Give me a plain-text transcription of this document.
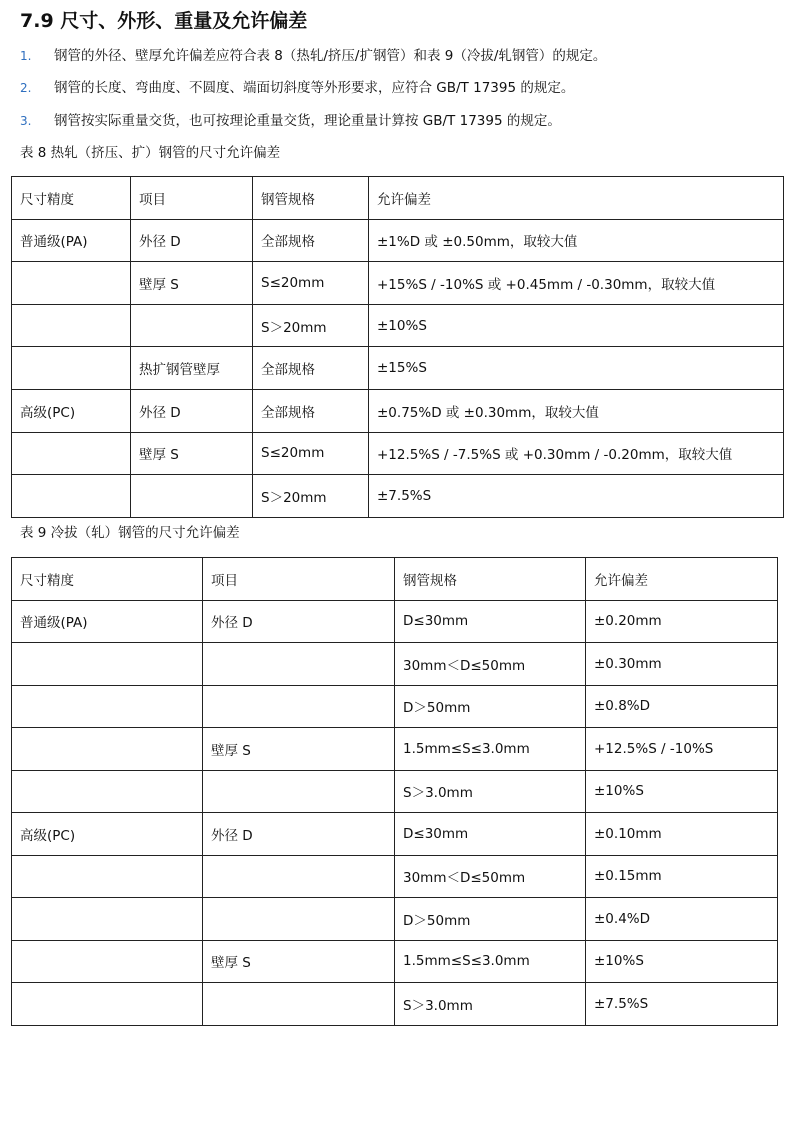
7.9 尺寸、外形、重量及允许偏差
1. 钢管的外径、壁厚允许偏差应符合表 8（热轧/挤压/扩钢管）和表 9（冷拔/轧钢管）的规定。
2. 钢管的长度、弯曲度、不圆度、端面切斜度等外形要求，应符合 GB/T 17395 的规定。
3. 钢管按实际重量交货，也可按理论重量交货，理论重量计算按 GB/T 17395 的规定。
表 8 热轧（挤压、扩）钢管的尺寸允许偏差
尺寸精度	项目	钢管规格	允许偏差
普通级(PA)	外径 D	全部规格	±1%D 或 ±0.50mm，取较大值
	壁厚 S	S≤20mm	+15%S / -10%S 或 +0.45mm / -0.30mm，取较大值
		S＞20mm	±10%S
	热扩钢管壁厚	全部规格	±15%S
高级(PC)	外径 D	全部规格	±0.75%D 或 ±0.30mm，取较大值
	壁厚 S	S≤20mm	+12.5%S / -7.5%S 或 +0.30mm / -0.20mm，取较大值
		S＞20mm	±7.5%S
表 9 冷拔（轧）钢管的尺寸允许偏差
尺寸精度	项目	钢管规格	允许偏差
普通级(PA)	外径 D	D≤30mm	±0.20mm
		30mm＜D≤50mm	±0.30mm
		D＞50mm	±0.8%D
	壁厚 S	1.5mm≤S≤3.0mm	+12.5%S / -10%S
		S＞3.0mm	±10%S
高级(PC)	外径 D	D≤30mm	±0.10mm
		30mm＜D≤50mm	±0.15mm
		D＞50mm	±0.4%D
	壁厚 S	1.5mm≤S≤3.0mm	±10%S
		S＞3.0mm	±7.5%S
